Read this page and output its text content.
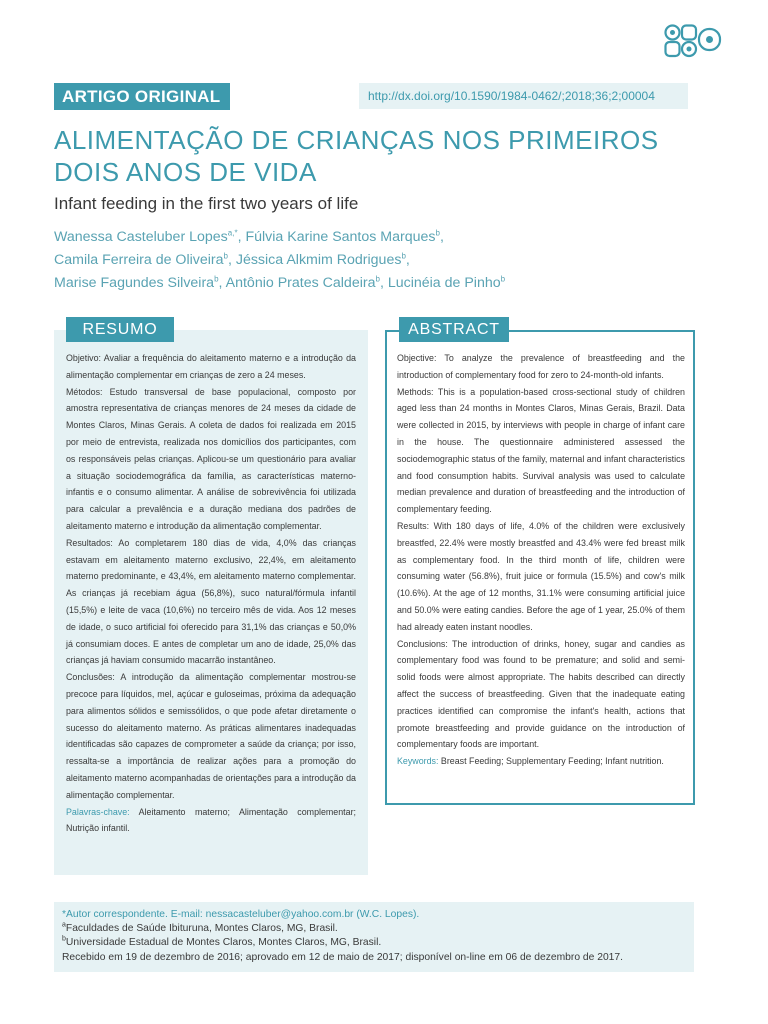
ARTIGO ORIGINAL	http://dx.doi.org/10.1590/1984-0462/;2018;36;2;00004
ALIMENTAÇÃO DE CRIANÇAS NOS PRIMEIROS
DOIS ANOS DE VIDA
Infant feeding in the first two years of life
Wanessa Casteluber Lopes$^{a,*}$, Fúlvia Karine Santos Marques$^b$,
Camila Ferreira de Oliveira$^b$, Jéssica Alkmim Rodrigues$^b$,
Marise Fagundes Silveira$^b$, Antônio Prates Caldeira$^b$, Lucinéia de Pinho$^b$
RESUMO

Objetivo: Avaliar a frequência do aleitamento materno e a introdução da alimentação complementar em crianças de zero a 24 meses.

Métodos: Estudo transversal de base populacional, composto por amostra representativa de crianças menores de 24 meses da cidade de Montes Claros, Minas Gerais. A coleta de dados foi realizada em 2015 por meio de entrevista, realizada nos domicílios dos participantes, com os responsáveis pelas crianças. Aplicou-se um questionário para avaliar a situação sociodemográfica da família, as características materno-infantis e o consumo alimentar. A análise de sobrevivência foi utilizada para calcular a prevalência e a duração mediana dos padrões de aleitamento materno e introdução da alimentação complementar.

Resultados: Ao completarem 180 dias de vida, 4,0% das crianças estavam em aleitamento materno exclusivo, 22,4%, em aleitamento materno predominante, e 43,4%, em aleitamento materno complementar. As crianças já recebiam água (56,8%), suco natural/fórmula infantil (15,5%) e leite de vaca (10,6%) no terceiro mês de vida. Aos 12 meses de idade, o suco artificial foi oferecido para 31,1% das crianças e 50,0% já consumiam doces. E antes de completar um ano de idade, 25,0% das crianças já haviam consumido macarrão instantâneo.

Conclusões: A introdução da alimentação complementar mostrou-se precoce para líquidos, mel, açúcar e guloseimas, próxima da adequação para alimentos sólidos e semissólidos, o que pode afetar diretamente o sucesso do aleitamento materno. As práticas alimentares inadequadas identificadas são capazes de comprometer a saúde da criança; por isso, ressalta-se a importância de realizar ações para a promoção do aleitamento materno acompanhadas de orientações para a introdução da alimentação complementar.

Palavras-chave: Aleitamento materno; Alimentação complementar; Nutrição infantil.

ABSTRACT

Objective: To analyze the prevalence of breastfeeding and the introduction of complementary food for zero to 24-month-old infants.

Methods: This is a population-based cross-sectional study of children aged less than 24 months in Montes Claros, Minas Gerais, Brazil. Data were collected in 2015, by interviews with people in charge of infant care in the house. The questionnaire administered assessed the sociodemographic status of the family, maternal and infant characteristics and food consumption habits. Survival analysis was used to calculate median prevalence and duration of breastfeeding and the introduction of complementary feeding.

Results: With 180 days of life, 4.0% of the children were exclusively breastfed, 22.4% were mostly breastfed and 43.4% were fed breast milk as complementary food. In the third month of life, children were consuming water (56.8%), fruit juice or formula (15.5%) and cow's milk (10.6%). At the age of 12 months, 31.1% were consuming artificial juice and 50.0% were eating candies. Before the age of 1 year, 25.0% of them had already eaten instant noodles.

Conclusions: The introduction of drinks, honey, sugar and candies as complementary food was found to be premature; and solid and semi-solid foods were almost appropriate. The habits described can directly affect the success of breastfeeding. Given that the inadequate eating practices identified can compromise the infant's health, actions that promote breastfeeding and provide guidance on the introduction of complementary foods are important.

Keywords: Breast Feeding; Supplementary Feeding; Infant nutrition.

*Autor correspondente. E-mail: nessacasteluber@yahoo.com.br (W.C. Lopes).
$^a$Faculdades de Saúde Ibituruna, Montes Claros, MG, Brasil.
$^b$Universidade Estadual de Montes Claros, Montes Claros, MG, Brasil.
Recebido em 19 de dezembro de 2016; aprovado em 12 de maio de 2017; disponível on-line em 06 de dezembro de 2017.
